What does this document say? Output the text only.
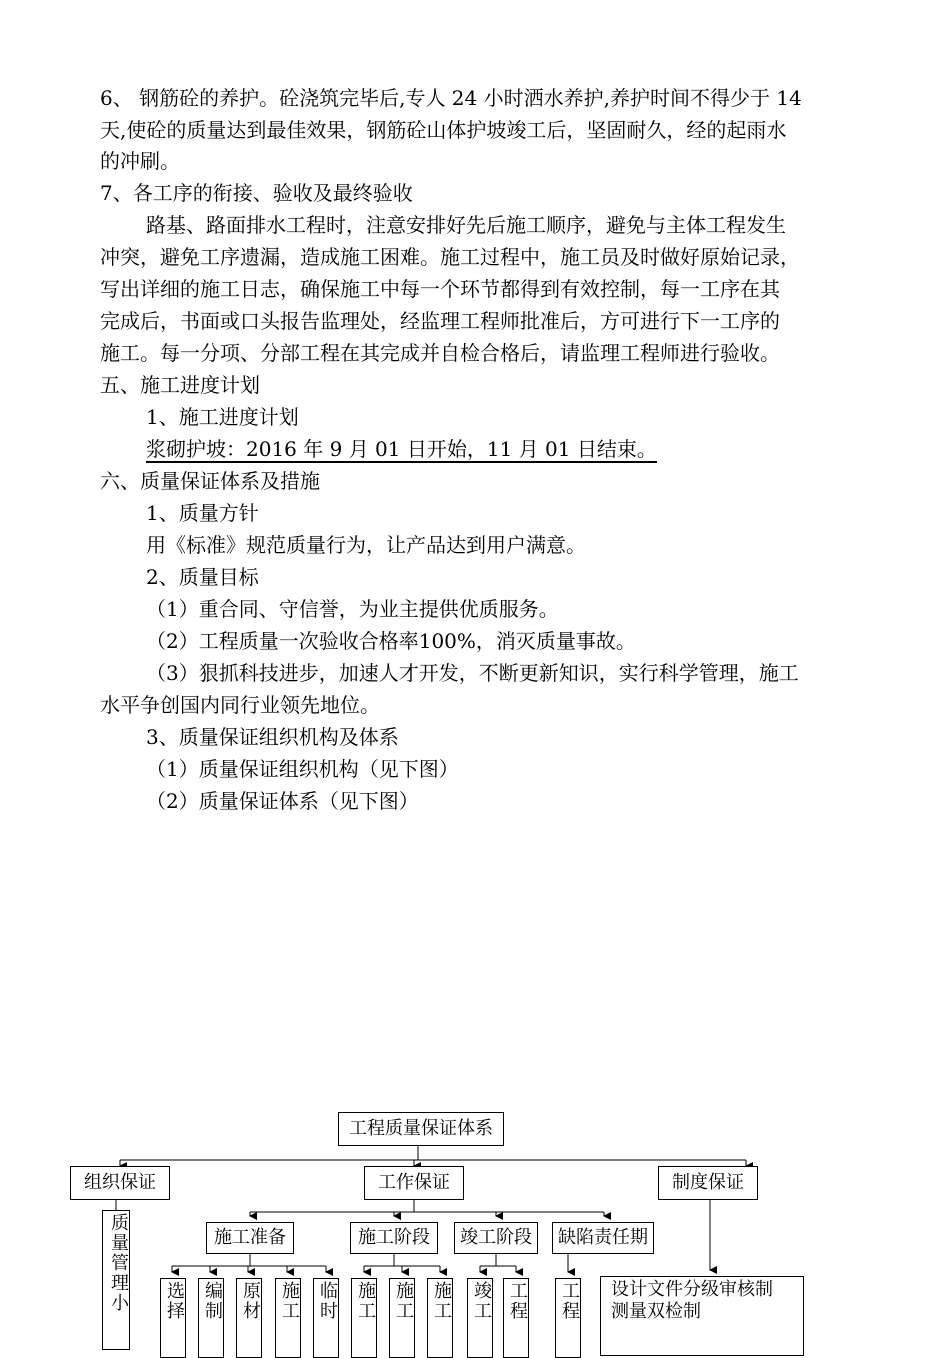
6、 钢筋砼的养护。砼浇筑完毕后,专人 24 小时洒水养护,养护时间不得少于 14
天,使砼的质量达到最佳效果，钢筋砼山体护坡竣工后，坚固耐久，经的起雨水
的冲刷。
7、各工序的衔接、验收及最终验收
路基、路面排水工程时，注意安排好先后施工顺序，避免与主体工程发生
冲突，避免工序遗漏，造成施工困难。施工过程中，施工员及时做好原始记录，
写出详细的施工日志，确保施工中每一个环节都得到有效控制，每一工序在其
完成后，书面或口头报告监理处，经监理工程师批准后，方可进行下一工序的
施工。每一分项、分部工程在其完成并自检合格后，请监理工程师进行验收。
五、施工进度计划
1、施工进度计划
浆砌护坡：2016 年 9 月 01 日开始，11 月 01 日结束。
六、质量保证体系及措施
1、质量方针
用《标准》规范质量行为，让产品达到用户满意。
2、质量目标
（1）重合同、守信誉，为业主提供优质服务。
（2）工程质量一次验收合格率100%，消灭质量事故。
（3）狠抓科技进步，加速人才开发，不断更新知识，实行科学管理，施工
水平争创国内同行业领先地位。
3、质量保证组织机构及体系
（1）质量保证组织机构（见下图）
（2）质量保证体系（见下图）
工程质量保证体系
组织保证	工作保证	制度保证
质量管理小	施工准备	施工阶段	竣工阶段	缺陷责任期
选择 编制 原材 施工 临时 施工 施工 施工 竣工 工程 工程 设计文件分级审核制
测量双检制
